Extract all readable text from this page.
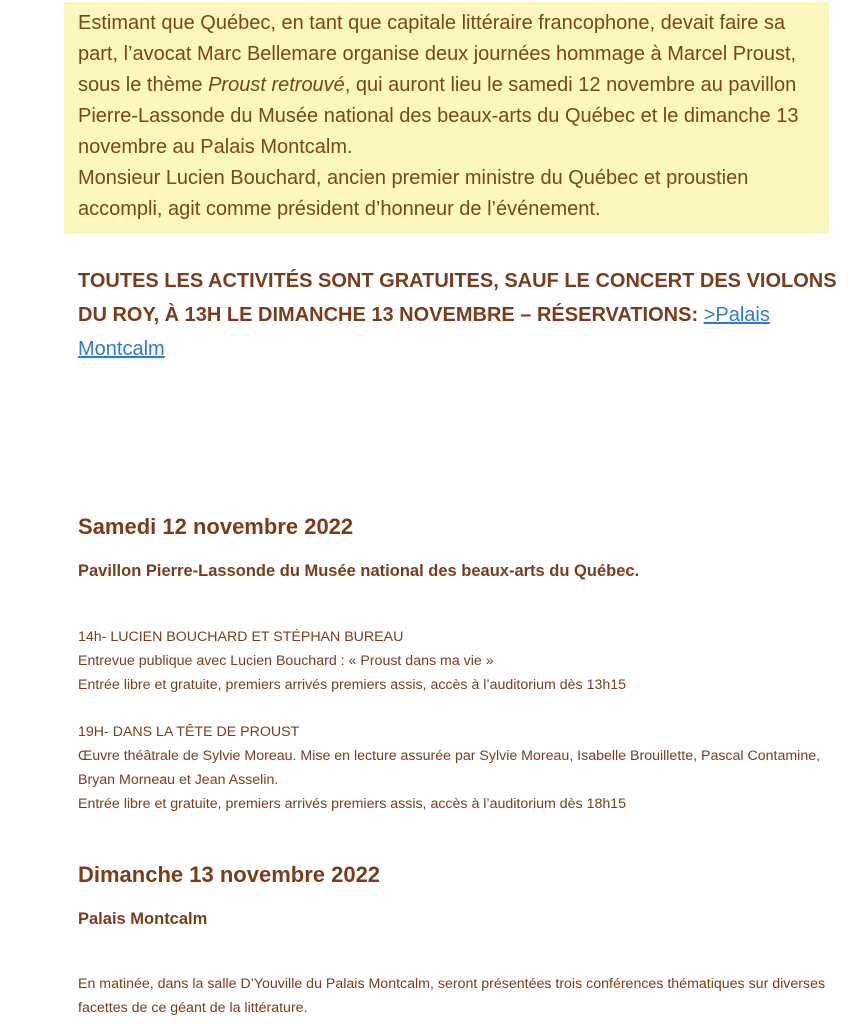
Estimant que Québec, en tant que capitale littéraire francophone, devait faire sa part, l’avocat Marc Bellemare organise deux journées hommage à Marcel Proust, sous le thème Proust retrouvé, qui auront lieu le samedi 12 novembre au pavillon Pierre-Lassonde du Musée national des beaux-arts du Québec et le dimanche 13 novembre au Palais Montcalm.

Monsieur Lucien Bouchard, ancien premier ministre du Québec et proustien accompli, agit comme président d’honneur de l’événement.

TOUTES LES ACTIVITÉS SONT GRATUITES, SAUF LE CONCERT DES VIOLONS DU ROY, À 13H LE DIMANCHE 13 NOVEMBRE – RÉSERVATIONS: >Palais Montcalm
Samedi 12 novembre 2022
Pavillon Pierre-Lassonde du Musée national des beaux-arts du Québec.
14h- LUCIEN BOUCHARD ET STÉPHAN BUREAU
Entrevue publique avec Lucien Bouchard : « Proust dans ma vie »
Entrée libre et gratuite, premiers arrivés premiers assis, accès à l’auditorium dès 13h15
19H- DANS LA TÊTE DE PROUST
Œuvre théâtrale de Sylvie Moreau. Mise en lecture assurée par Sylvie Moreau, Isabelle Brouillette, Pascal Contamine, Bryan Morneau et Jean Asselin.
Entrée libre et gratuite, premiers arrivés premiers assis, accès à l’auditorium dès 18h15
Dimanche 13 novembre 2022
Palais Montcalm
En matinée, dans la salle D’Youville du Palais Montcalm, seront présentées trois conférences thématiques sur diverses facettes de ce géant de la littérature.
